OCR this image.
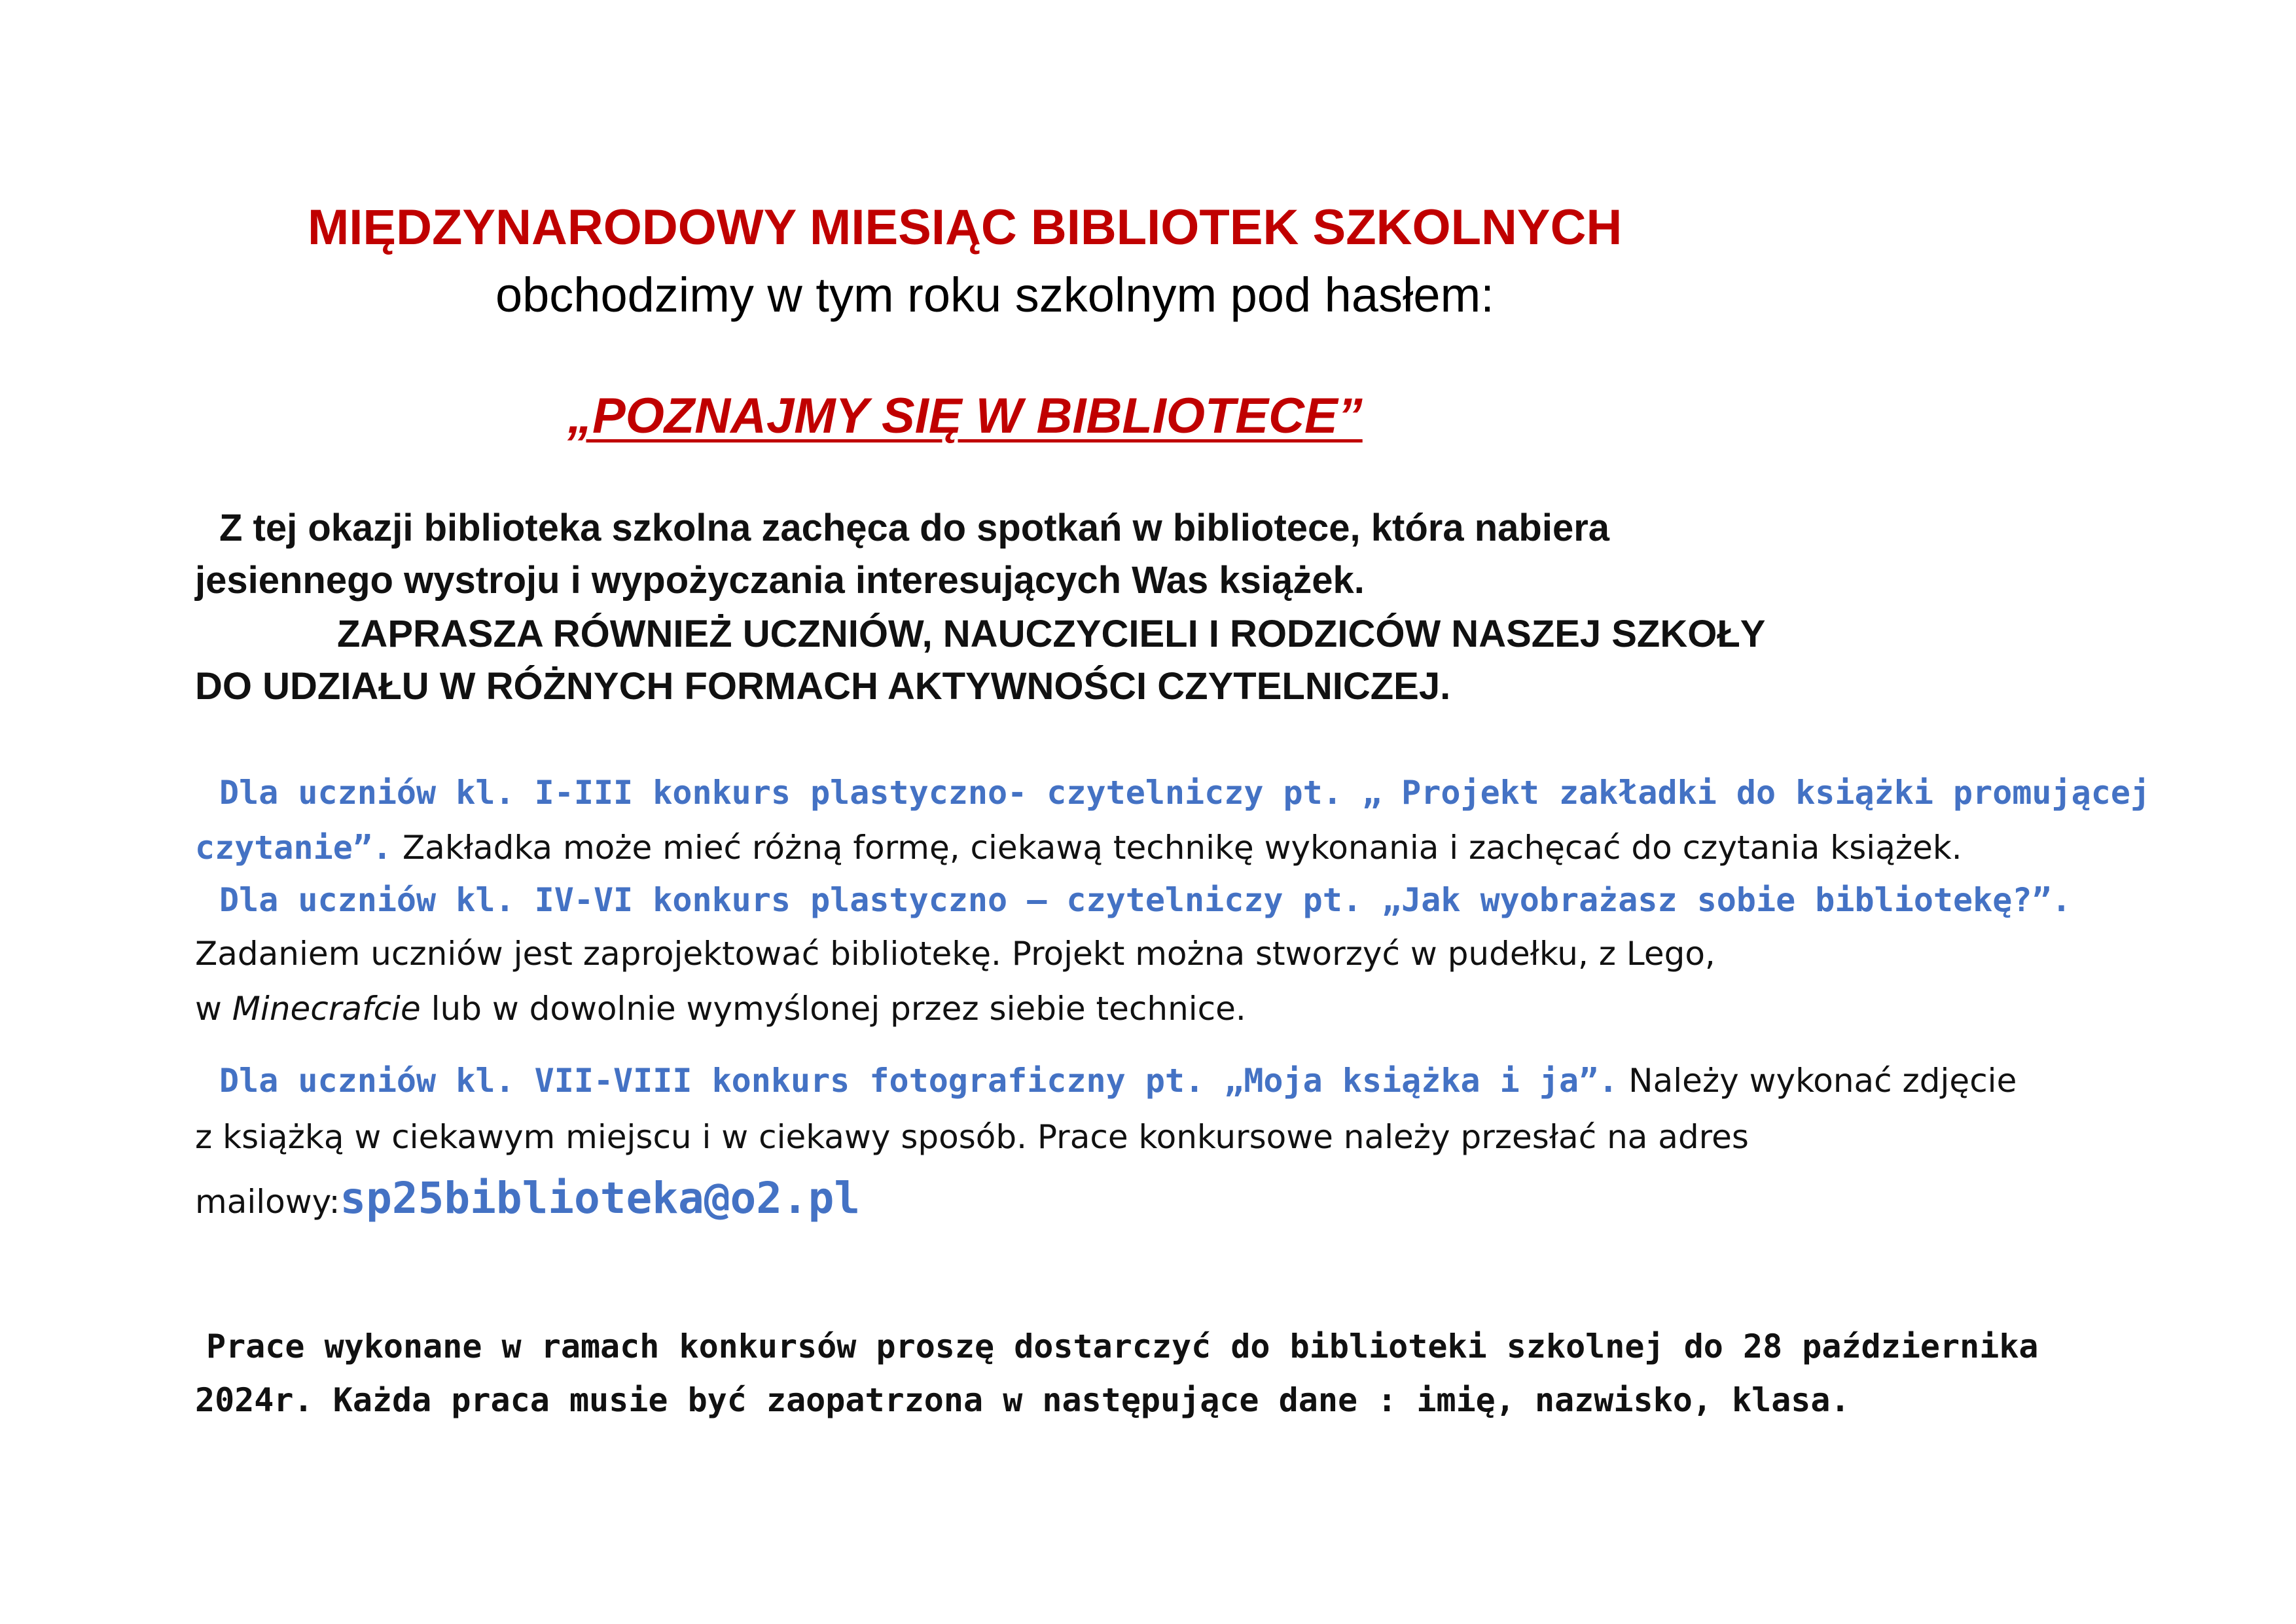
MIĘDZYNARODOWY MIESIĄC BIBLIOTEK SZKOLNYCH
obchodzimy w tym roku szkolnym pod hasłem:
„POZNAJMY SIĘ W BIBLIOTECE”
Z tej okazji biblioteka szkolna zachęca do spotkań w bibliotece, która nabiera
jesiennego wystroju i wypożyczania interesujących Was książek.
ZAPRASZA RÓWNIEŻ UCZNIÓW, NAUCZYCIELI I RODZICÓW NASZEJ SZKOŁY
DO UDZIAŁU W RÓŻNYCH FORMACH AKTYWNOŚCI CZYTELNICZEJ.
Dla uczniów kl. I-III konkurs plastyczno- czytelniczy pt. „ Projekt zakładki do książki promującej
czytanie”. Zakładka może mieć różną formę, ciekawą technikę wykonania i zachęcać do czytania książek.
Dla uczniów kl. IV-VI konkurs plastyczno – czytelniczy pt. „Jak wyobrażasz sobie bibliotekę?”.
Zadaniem uczniów jest zaprojektować bibliotekę. Projekt można stworzyć w pudełku, z Lego,
w Minecrafcie lub w dowolnie wymyślonej przez siebie technice.
Dla uczniów kl. VII-VIII konkurs fotograficzny pt. „Moja książka i ja”. Należy wykonać zdjęcie
z książką w ciekawym miejscu i w ciekawy sposób. Prace konkursowe należy przesłać na adres
mailowy:sp25biblioteka@o2.pl
Prace wykonane w ramach konkursów proszę dostarczyć do biblioteki szkolnej do 28 października
2024r. Każda praca musie być zaopatrzona w następujące dane : imię, nazwisko, klasa.
